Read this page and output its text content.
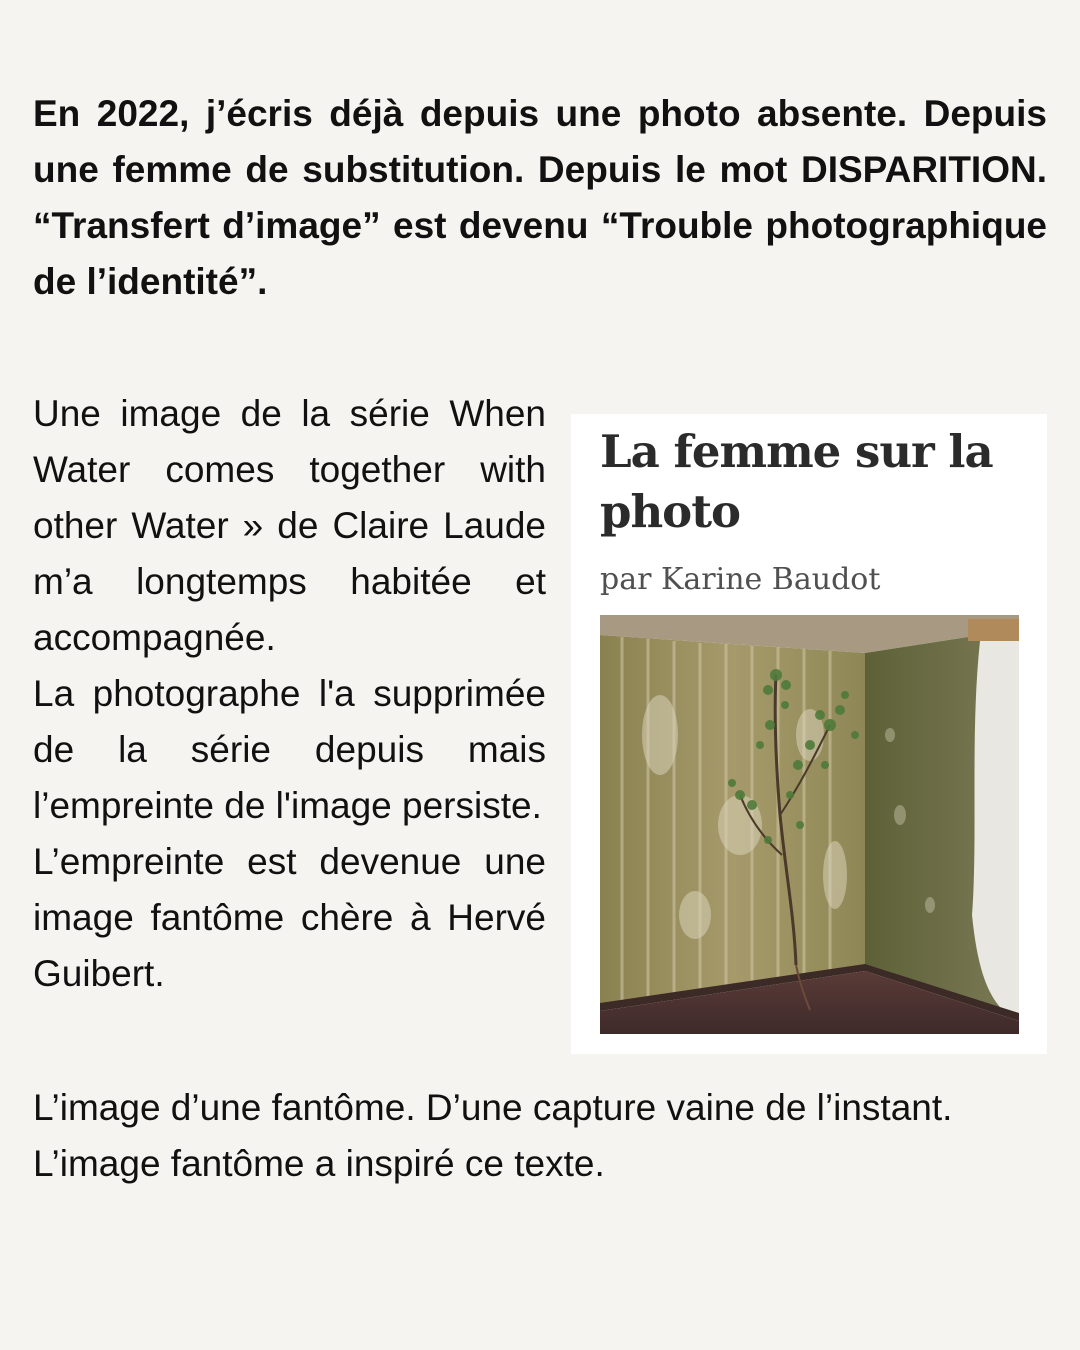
En 2022, j’écris déjà depuis une photo absente. Depuis une femme de substitution. Depuis le mot DISPARITION. “Transfert d’image” est devenu “Trouble photographique de l’identité”.

Une image de la série When Water comes together with other Water » de Claire Laude m’a longtemps habitée et accompagnée.

La photographe l'a supprimée de la série depuis mais l’empreinte de l'image persiste.

L’empreinte est devenue une image fantôme chère à Hervé Guibert.

La femme sur la photo

par Karine Baudot

L’image d’une fantôme. D’une capture vaine de l’instant.
L’image fantôme a inspiré ce texte.
